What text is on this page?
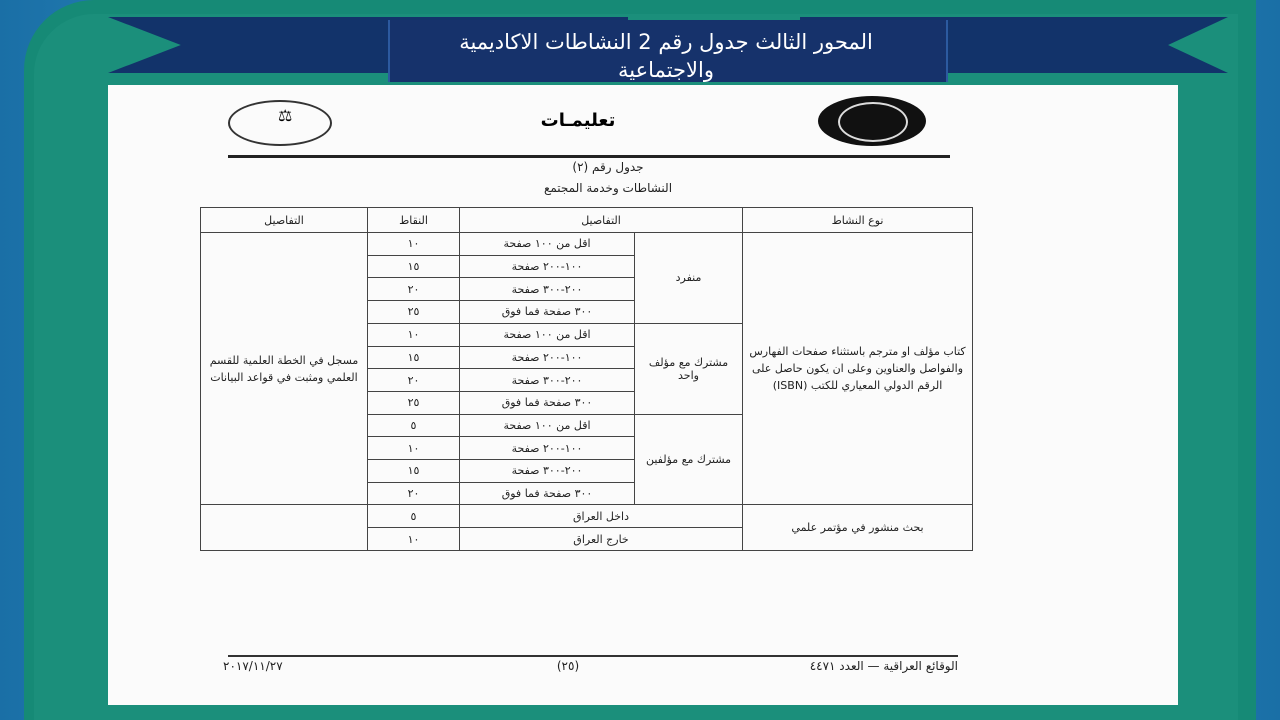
المحور الثالث جدول رقم 2 النشاطات الاكاديمية
والاجتماعية
⚖	تعليمـات
جدول رقم (٢)
النشاطات وخدمة المجتمع
نوع النشاط	التفاصيل		النقاط	التفاصيل
كتاب مؤلف او مترجم باستثناء صفحات الفهارس والفواصل والعناوين وعلى ان يكون حاصل على الرقم الدولي المعياري للكتب (ISBN)	منفرد	اقل من ١٠٠ صفحة	١٠	مسجل في الخطة العلمية للقسم العلمي ومثبت في قواعد البيانات
		١٠٠-٢٠٠ صفحة	١٥	
		٢٠٠-٣٠٠ صفحة	٢٠	
		٣٠٠ صفحة فما فوق	٢٥	
	مشترك مع مؤلف واحد	اقل من ١٠٠ صفحة	١٠	
		١٠٠-٢٠٠ صفحة	١٥	
		٢٠٠-٣٠٠ صفحة	٢٠	
		٣٠٠ صفحة فما فوق	٢٥	
	مشترك مع مؤلفين	اقل من ١٠٠ صفحة	٥	
		١٠٠-٢٠٠ صفحة	١٠	
		٢٠٠-٣٠٠ صفحة	١٥	
		٣٠٠ صفحة فما فوق	٢٠	
بحث منشور في مؤتمر علمي	داخل العراق		٥	
	خارج العراق		١٠	
الوقائع العراقية — العدد ٤٤٧١
(٢٥)
٢٠١٧/١١/٢٧
